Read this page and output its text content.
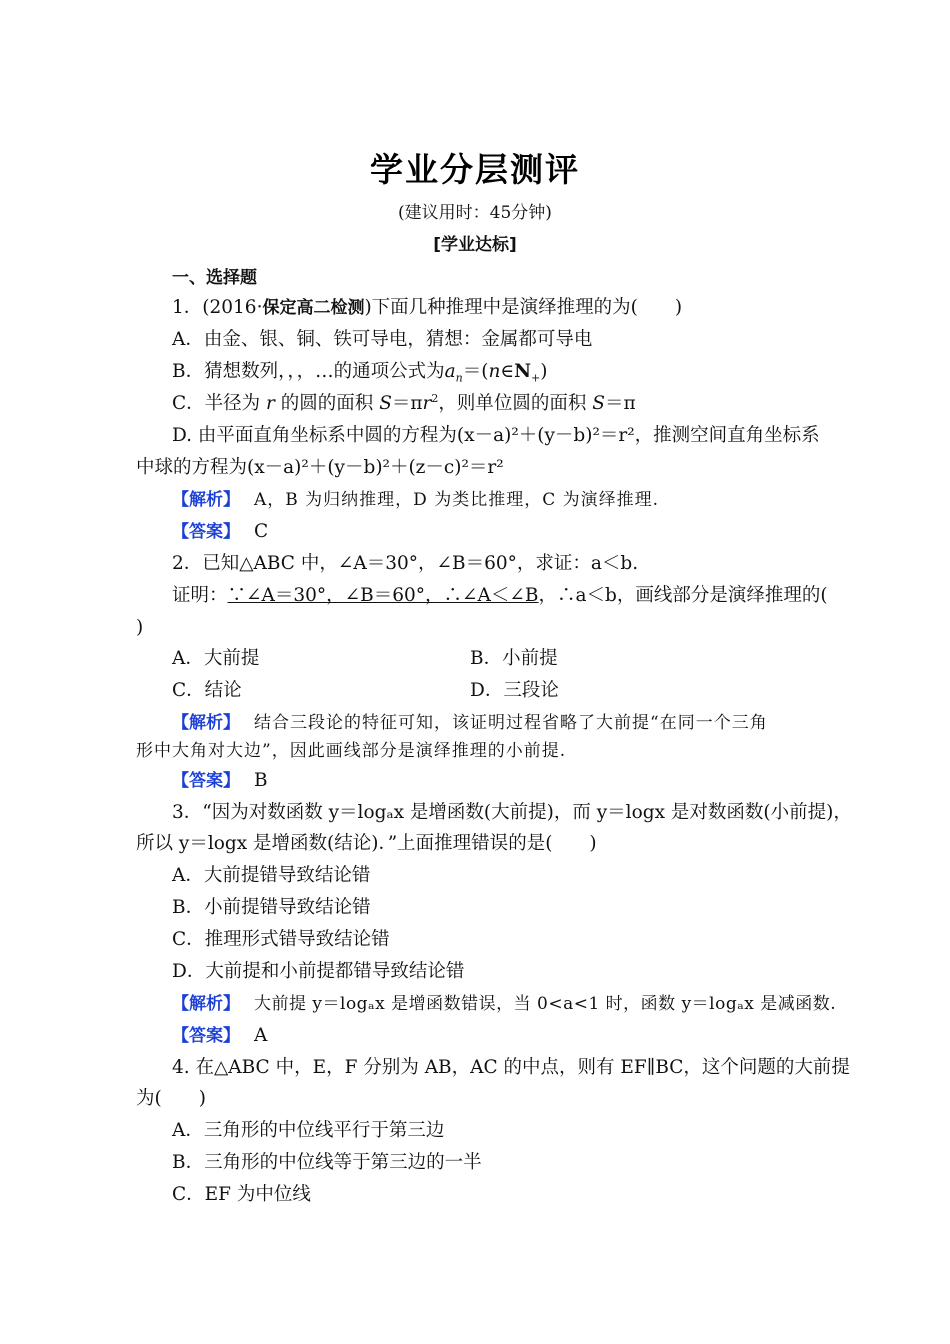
学业分层测评
(建议用时：45分钟)
[学业达标]
一、选择题
1．(2016·保定高二检测)下面几种推理中是演绎推理的为(　　)
A．由金、银、铜、铁可导电，猜想：金属都可导电
B．猜想数列，，，…的通项公式为$a_n=(n\in N_+)$
C．半径为 r 的圆的面积 $S=\pi r^2$，则单位圆的面积 S＝π
D. 由平面直角坐标系中圆的方程为(x－a)²＋(y－b)²＝r²，推测空间直角坐标系
中球的方程为(x－a)²＋(y－b)²＋(z－c)²＝r²
【解析】 A，B 为归纳推理，D 为类比推理，C 为演绎推理.
【答案】 C
2．已知△ABC 中，∠A＝30°，∠B＝60°，求证：a＜b.
证明：∵∠A＝30°，∠B＝60°，∴∠A＜∠B，∴a＜b，画线部分是演绎推理的(
)
A．大前提	B．小前提
C．结论	D．三段论
【解析】 结合三段论的特征可知，该证明过程省略了大前提“在同一个三角
形中大角对大边”，因此画线部分是演绎推理的小前提.
【答案】 B
3．“因为对数函数 y＝logₐx 是增函数(大前提)，而 y＝logx 是对数函数(小前提)，
所以 y＝logx 是增函数(结论)．”上面推理错误的是(　　)
A．大前提错导致结论错
B．小前提错导致结论错
C．推理形式错导致结论错
D．大前提和小前提都错导致结论错
【解析】 大前提 y＝logₐx 是增函数错误，当 0<a<1 时，函数 y＝logₐx 是减函数.
【答案】 A
4. 在△ABC 中，E，F 分别为 AB，AC 的中点，则有 EF∥BC，这个问题的大前提
为(　　)
A．三角形的中位线平行于第三边
B．三角形的中位线等于第三边的一半
C．EF 为中位线
